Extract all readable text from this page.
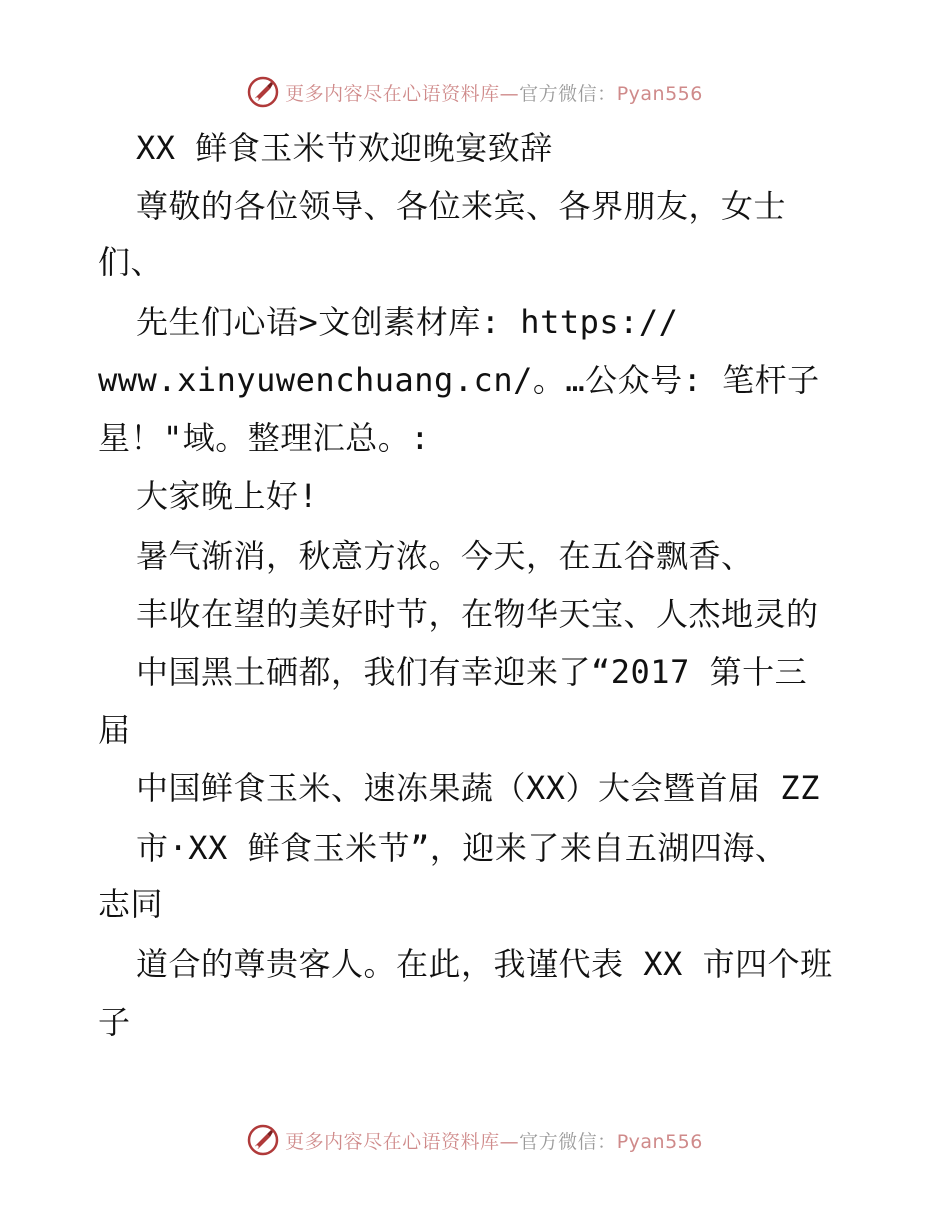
更多内容尽在心语资料库—官方微信：Pyan556
XX 鲜食玉米节欢迎晚宴致辞
尊敬的各位领导、各位来宾、各界朋友，女士
们、
先生们心语>文创素材库: https://
www.xinyuwenchuang.cn/。…公众号: 笔杆子
星！"域。整理汇总。:
大家晚上好!
暑气渐消，秋意方浓。今天，在五谷飘香、
丰收在望的美好时节，在物华天宝、人杰地灵的
中国黑土硒都，我们有幸迎来了“2017 第十三
届
中国鲜食玉米、速冻果蔬（XX）大会暨首届 ZZ
市·XX 鲜食玉米节”，迎来了来自五湖四海、
志同
道合的尊贵客人。在此，我谨代表 XX 市四个班
子
更多内容尽在心语资料库—官方微信：Pyan556
